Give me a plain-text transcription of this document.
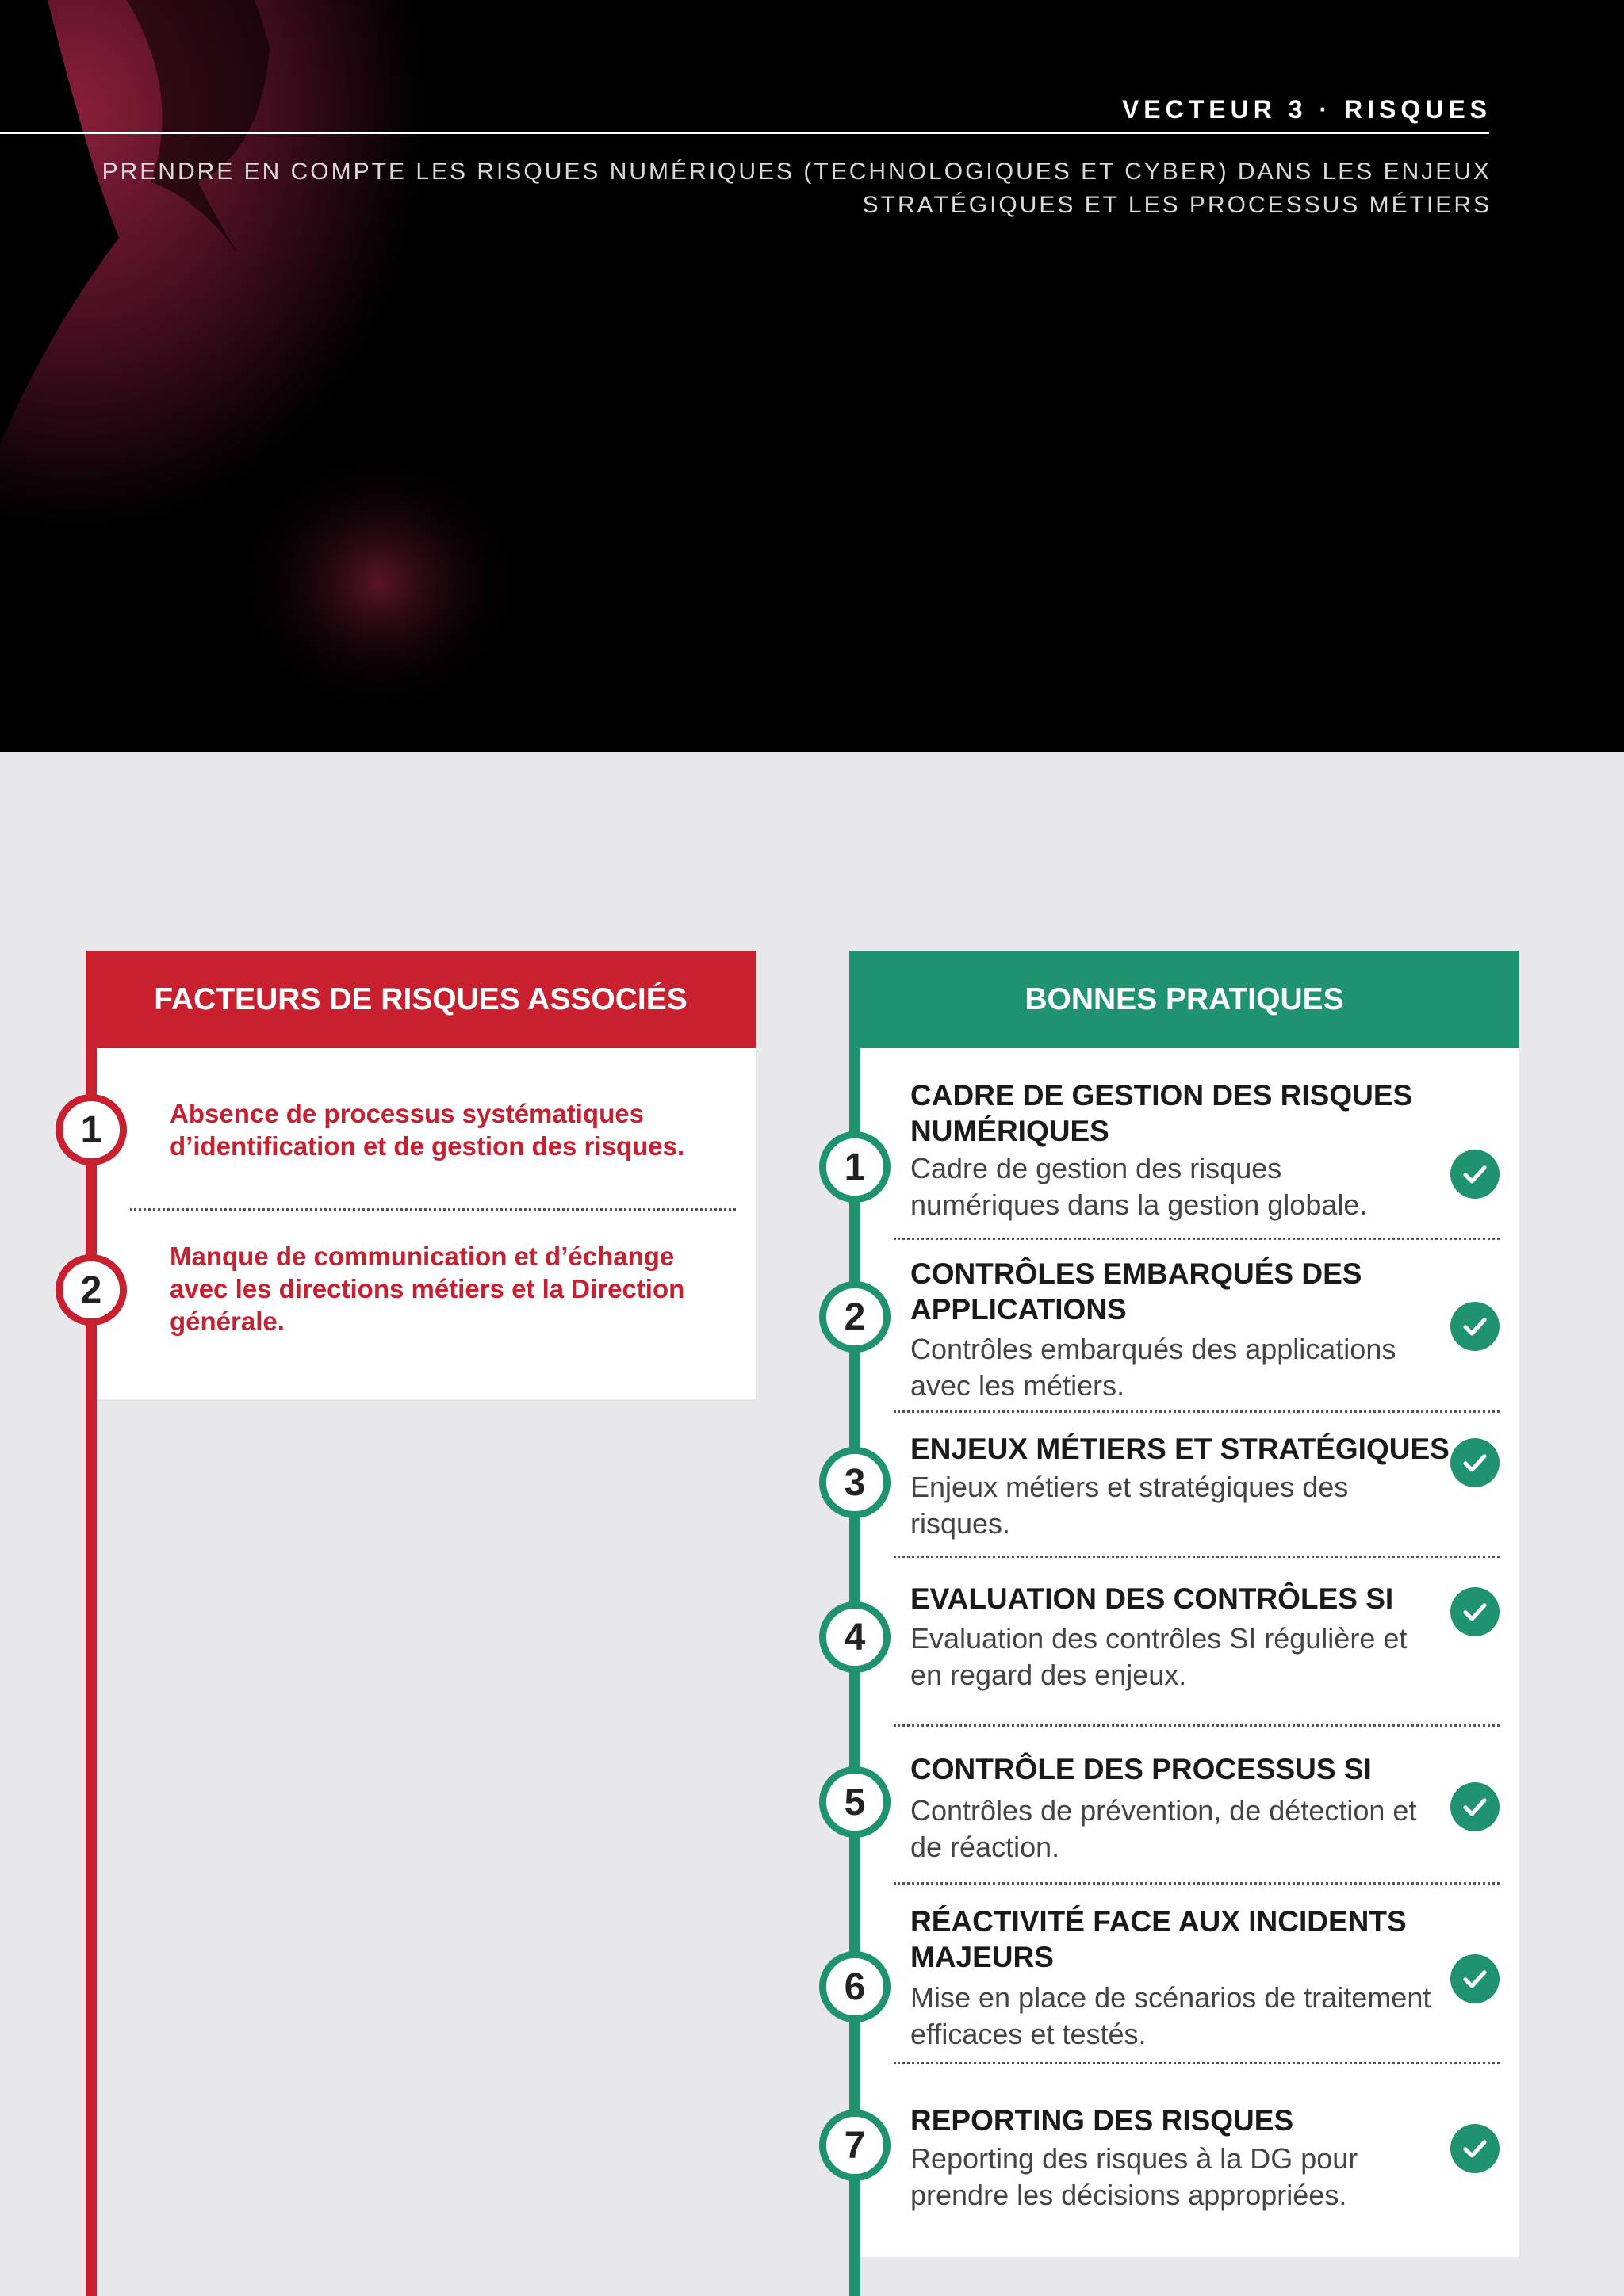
VECTEUR 3 · RISQUES
PRENDRE EN COMPTE LES RISQUES NUMÉRIQUES (TECHNOLOGIQUES ET CYBER) DANS LES ENJEUX
STRATÉGIQUES ET LES PROCESSUS MÉTIERS
FACTEURS DE RISQUES ASSOCIÉS
1	Absence de processus systématiques d’identification et de gestion des risques.
2
Manque de communication et d’échange avec les directions métiers et la Direction générale.
BONNES PRATIQUES
1
CADRE DE GESTION DES RISQUES NUMÉRIQUES
Cadre de gestion des risques numériques dans la gestion globale.
2
CONTRÔLES EMBARQUÉS DES APPLICATIONS
Contrôles embarqués des applications avec les métiers.
3
ENJEUX MÉTIERS ET STRATÉGIQUES
Enjeux métiers et stratégiques des risques.
4
EVALUATION DES CONTRÔLES SI
Evaluation des contrôles SI régulière et en regard des enjeux.
5
CONTRÔLE DES PROCESSUS SI
Contrôles de prévention, de détection et de réaction.
6
RÉACTIVITÉ FACE AUX INCIDENTS MAJEURS
Mise en place de scénarios de traitement efficaces et testés.
7
REPORTING DES RISQUES
Reporting des risques à la DG pour prendre les décisions appropriées.
